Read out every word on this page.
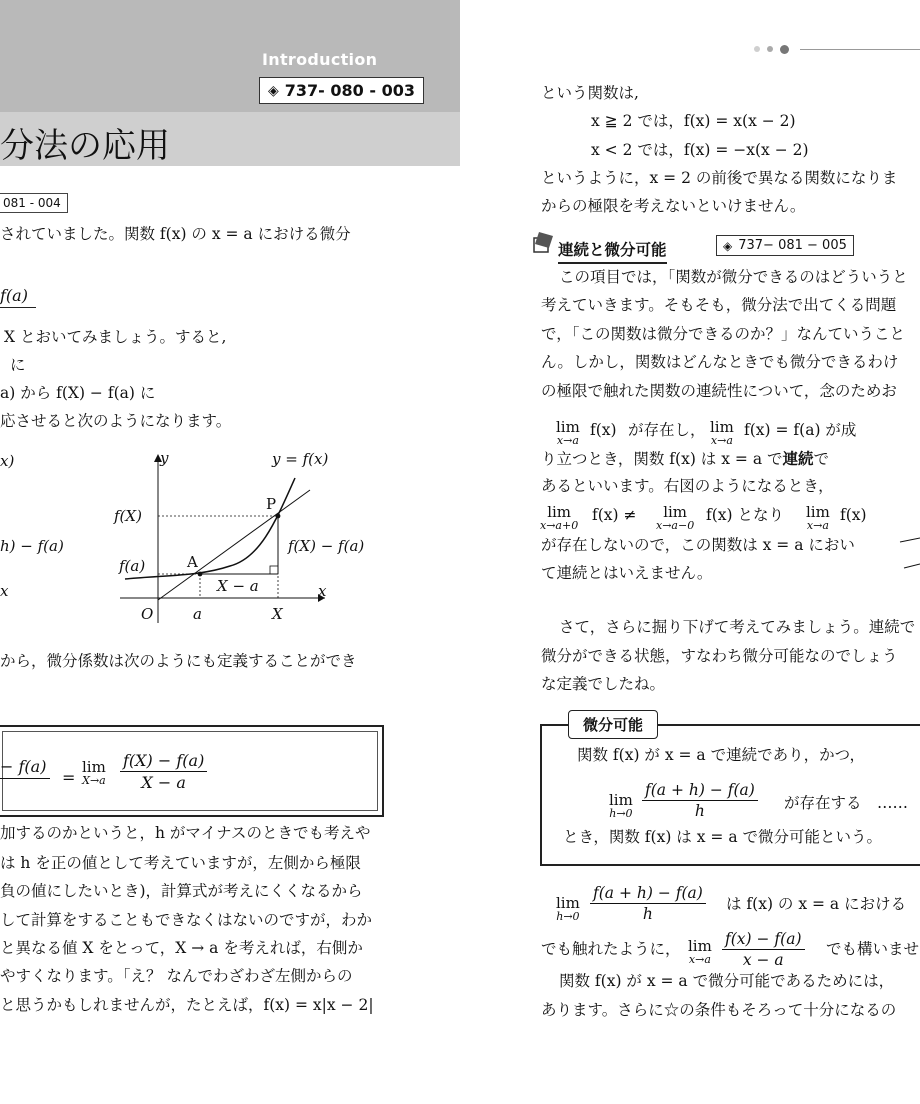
Introduction
◈ 737- 080 - 003
分法の応用
081 - 004
されていました。関数 f(x) の x = a における微分
f(a)
X とおいてみましょう。すると,
に
a) から f(X) − f(a) に
応させると次のようになります。
x)
h) − f(a)
x
y
x
y = f(x)
f(X)
f(a)
P
A
O	a	X
f(X) − f(a)
X − a
から，微分係数は次のようにも定義することができ
− f(a)
=
lim
$X\to a \frac{f(X) - f(a)}{X - a}$
加するのかというと，h がマイナスのときでも考えや
は h を正の値として考えていますが，左側から極限
負の値にしたいとき)，計算式が考えにくくなるから
して計算をすることもできなくはないのですが，わか
と異なる値 X をとって，X → a を考えれば，右側か
やすくなります。「え？ なんでわざわざ左側からの
と思うかもしれませんが，たとえば，f(x) = x|x − 2|
という関数は,
x ≧ 2 では，f(x) = x(x − 2)
x < 2 では，f(x) = −x(x − 2)
というように，x = 2 の前後で異なる関数になりま
からの極限を考えないといけません。
連続と微分可能	◈ 737− 081 − 005
この項目では，「関数が微分できるのはどういうと
考えていきます。そもそも，微分法で出てくる問題
で，「この関数は微分できるのか？」なんていうこと
ん。しかし，関数はどんなときでも微分できるわけ
の極限で触れた関数の連続性について，念のためお
lim
x→a
f(x) が存在し， lim
x→a
f(x) = f(a) が成
り立つとき，関数 f(x) は x = a で連続で
あるといいます。右図のようになるとき，
lim
x→a+0
f(x) ≠ lim
x→a−0
f(x) となり lim
x→a
f(x)
が存在しないので，この関数は x = a におい
て連続とはいえません。
さて，さらに掘り下げて考えてみましょう。連続で
微分ができる状態，すなわち微分可能なのでしょう
な定義でしたね。
微分可能
関数 f(x) が x = a で連続であり，かつ，
lim
$h\to 0 \frac{f(a + h) - f(a)}{h}$ が存在する　……
とき，関数 f(x) は x = a で微分可能という。
lim
$h\to 0 \frac{f(a + h) - f(a)}{h}$ は f(x) の x = a における
でも触れたように， lim
$x\to a \frac{f(x) - f(a)}{x - a}$ でも構いませ
関数 f(x) が x = a で微分可能であるためには，
あります。さらに☆の条件もそろって十分になるの
